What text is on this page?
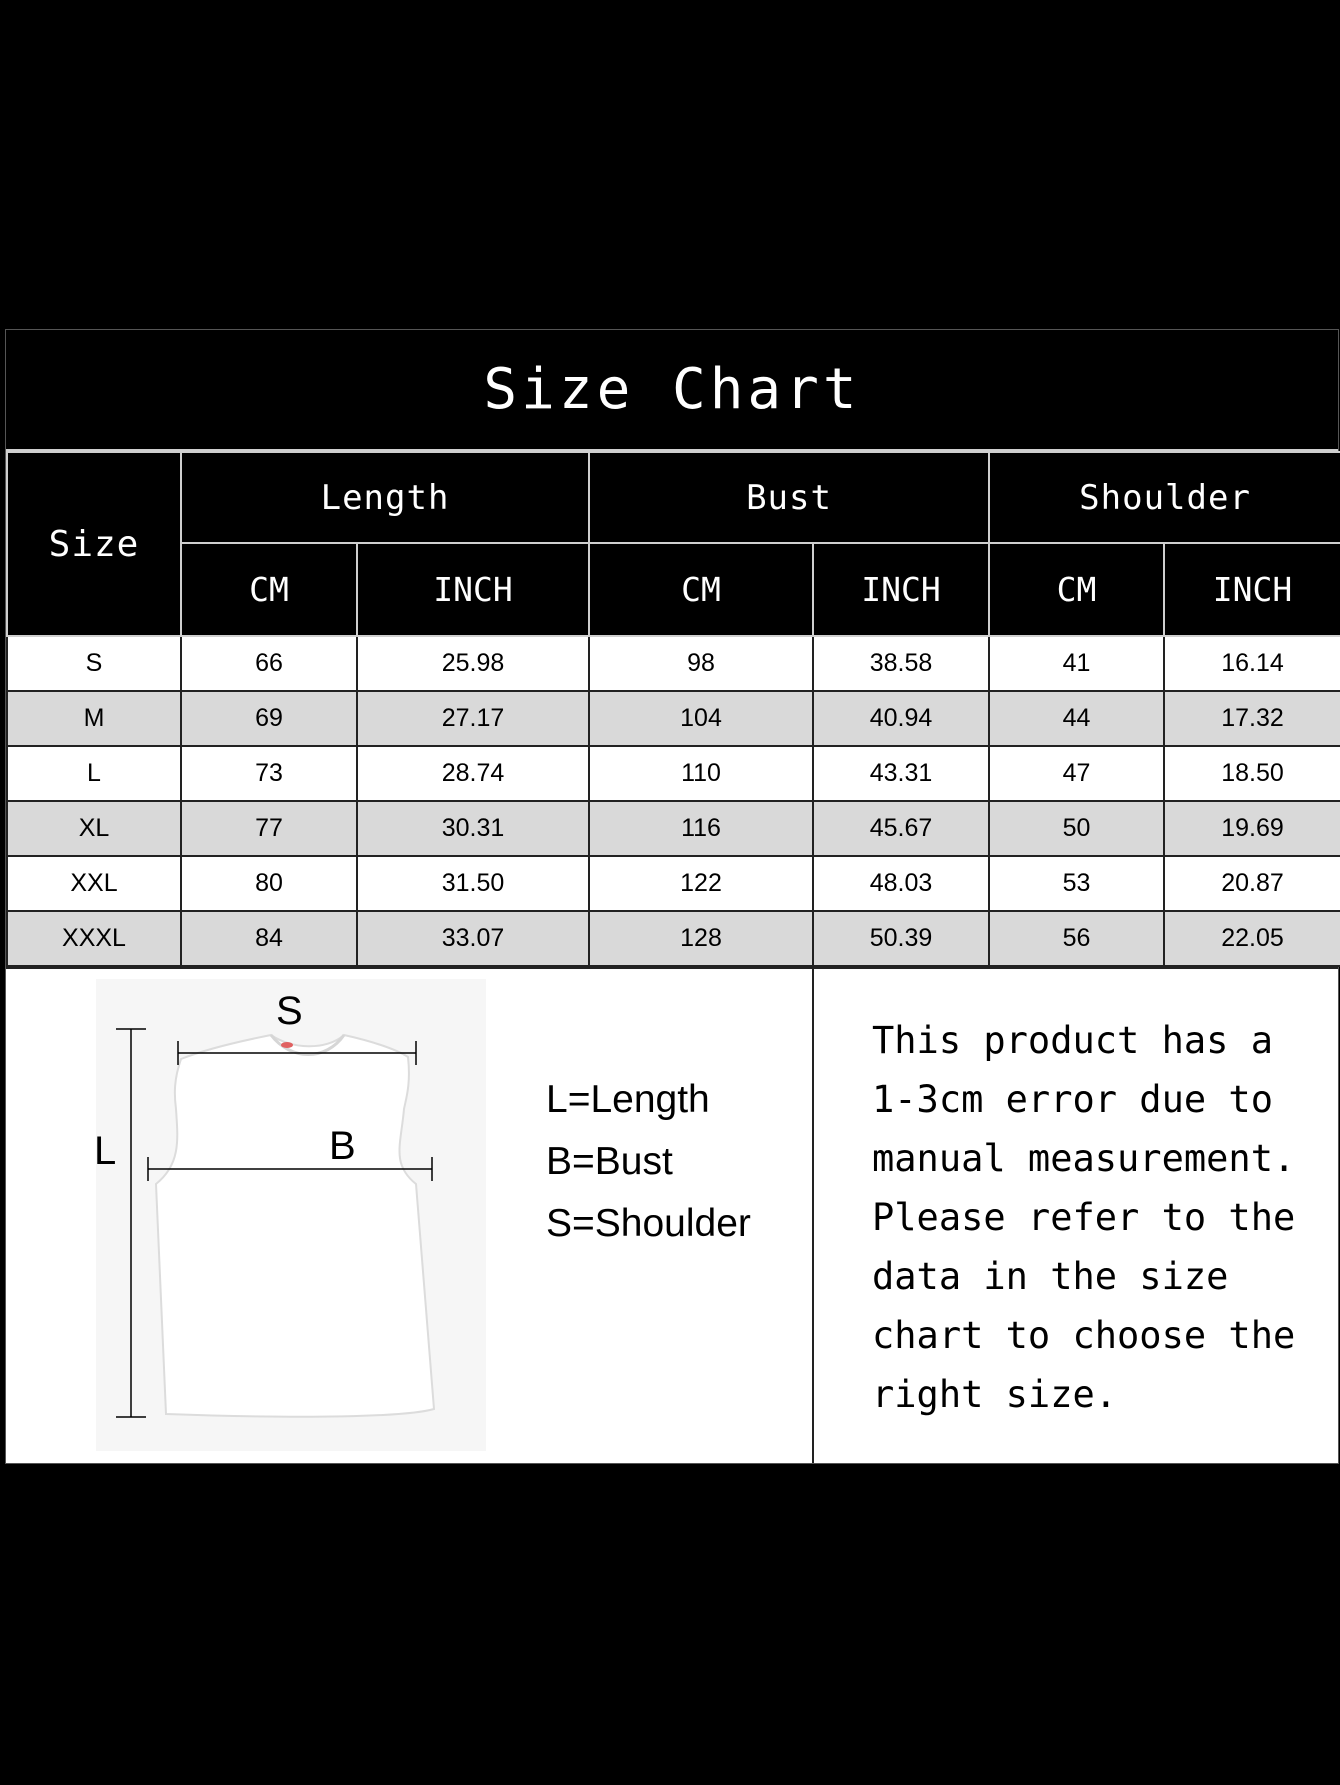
Size Chart
Size	Length		Bust		Shoulder	
	CM	INCH	CM	INCH	CM	INCH
S	66	25.98	98	38.58	41	16.14
M	69	27.17	104	40.94	44	17.32
L	73	28.74	110	43.31	47	18.50
XL	77	30.31	116	45.67	50	19.69
XXL	80	31.50	122	48.03	53	20.87
XXXL	84	33.07	128	50.39	56	22.05
S
L	B
L=Length
B=Bust
S=Shoulder
This product has a 1-3cm error due to manual measurement. Please refer to the data in the size chart to choose the right size.
